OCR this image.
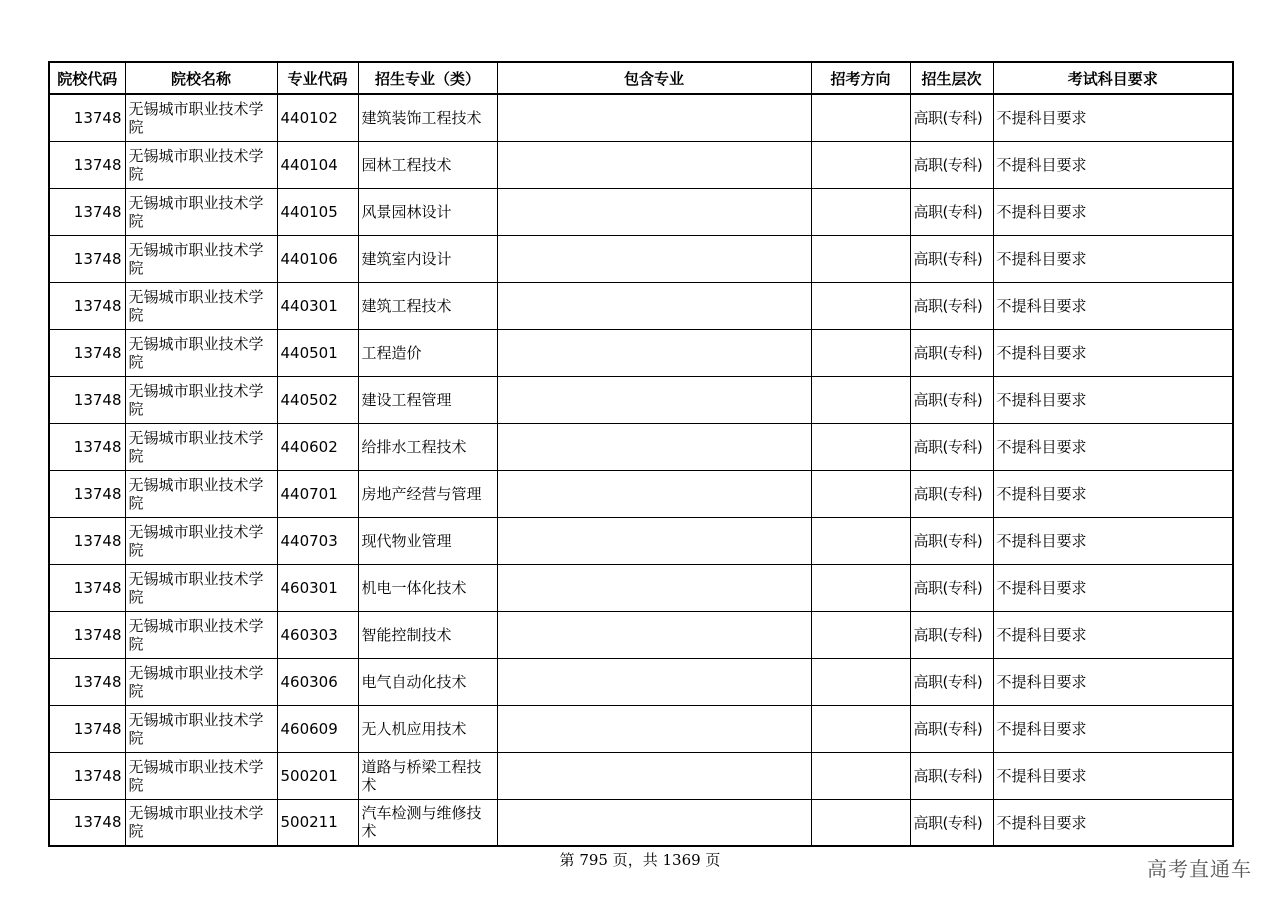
院校代码	院校名称	专业代码	招生专业（类）	包含专业	招考方向	招生层次	考试科目要求
13748	无锡城市职业技术学院	440102	建筑装饰工程技术			高职(专科)	不提科目要求
13748	无锡城市职业技术学院	440104	园林工程技术			高职(专科)	不提科目要求
13748	无锡城市职业技术学院	440105	风景园林设计			高职(专科)	不提科目要求
13748	无锡城市职业技术学院	440106	建筑室内设计			高职(专科)	不提科目要求
13748	无锡城市职业技术学院	440301	建筑工程技术			高职(专科)	不提科目要求
13748	无锡城市职业技术学院	440501	工程造价			高职(专科)	不提科目要求
13748	无锡城市职业技术学院	440502	建设工程管理			高职(专科)	不提科目要求
13748	无锡城市职业技术学院	440602	给排水工程技术			高职(专科)	不提科目要求
13748	无锡城市职业技术学院	440701	房地产经营与管理			高职(专科)	不提科目要求
13748	无锡城市职业技术学院	440703	现代物业管理			高职(专科)	不提科目要求
13748	无锡城市职业技术学院	460301	机电一体化技术			高职(专科)	不提科目要求
13748	无锡城市职业技术学院	460303	智能控制技术			高职(专科)	不提科目要求
13748	无锡城市职业技术学院	460306	电气自动化技术			高职(专科)	不提科目要求
13748	无锡城市职业技术学院	460609	无人机应用技术			高职(专科)	不提科目要求
13748	无锡城市职业技术学院	500201	道路与桥梁工程技术			高职(专科)	不提科目要求
13748	无锡城市职业技术学院	500211	汽车检测与维修技术			高职(专科)	不提科目要求
第 795 页，共 1369 页	高考直通车
